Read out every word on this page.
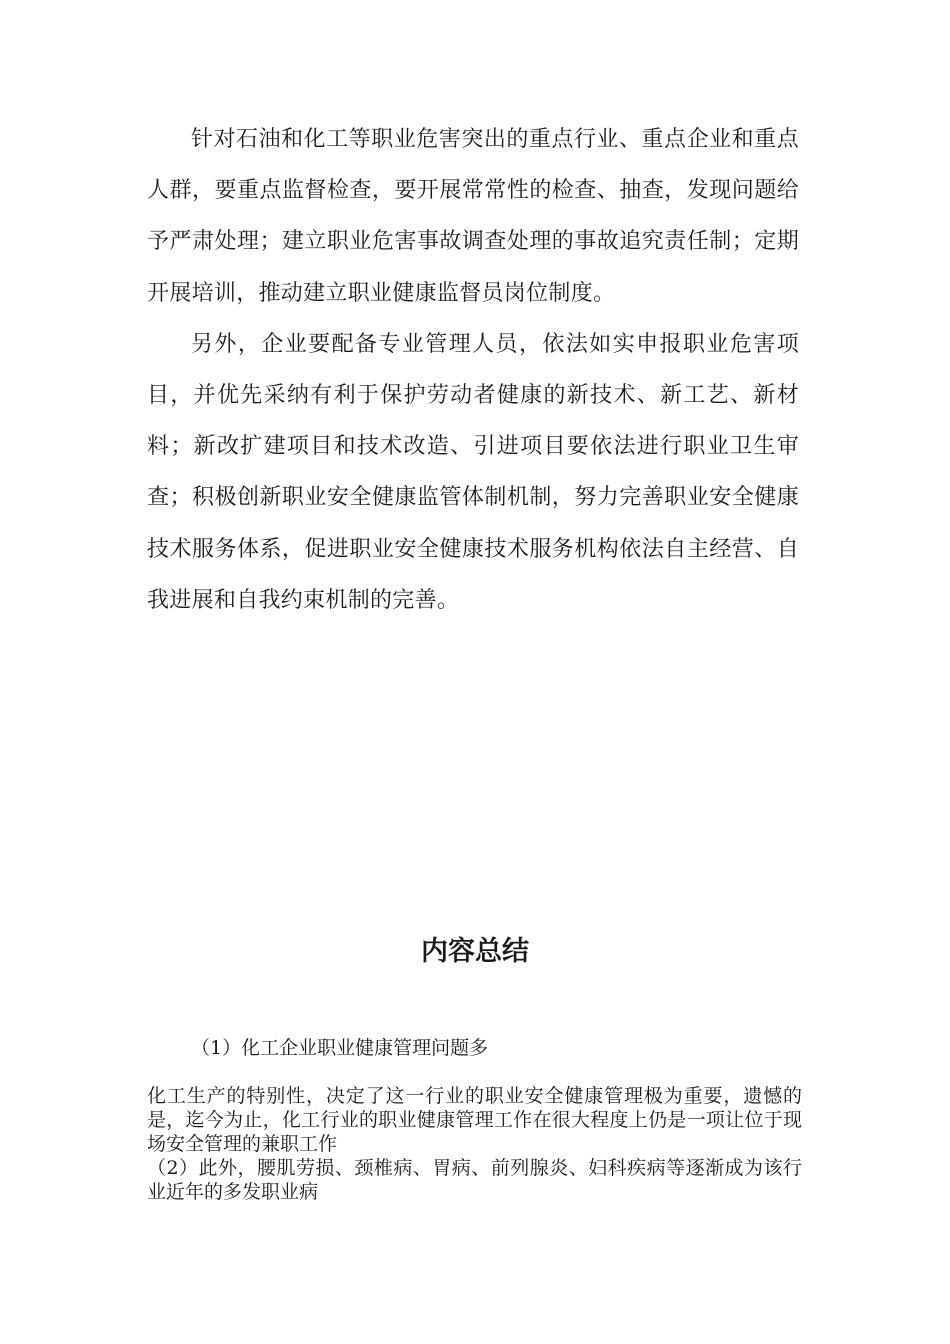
针对石油和化工等职业危害突出的重点行业、重点企业和重点人群，要重点监督检查，要开展常常性的检查、抽查，发现问题给予严肃处理；建立职业危害事故调查处理的事故追究责任制；定期开展培训，推动建立职业健康监督员岗位制度。

另外，企业要配备专业管理人员，依法如实申报职业危害项目，并优先采纳有利于保护劳动者健康的新技术、新工艺、新材料；新改扩建项目和技术改造、引进项目要依法进行职业卫生审查；积极创新职业安全健康监管体制机制，努力完善职业安全健康技术服务体系，促进职业安全健康技术服务机构依法自主经营、自我进展和自我约束机制的完善。

内容总结

（1）化工企业职业健康管理问题多

化工生产的特别性，决定了这一行业的职业安全健康管理极为重要，遗憾的是，迄今为止，化工行业的职业健康管理工作在很大程度上仍是一项让位于现场安全管理的兼职工作

（2）此外，腰肌劳损、颈椎病、胃病、前列腺炎、妇科疾病等逐渐成为该行业近年的多发职业病
